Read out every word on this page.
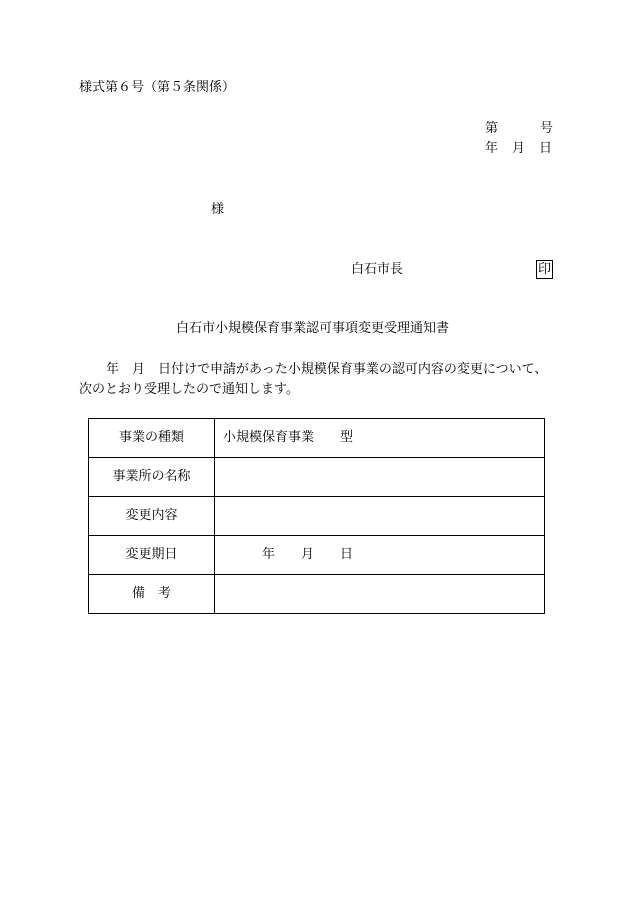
様式第６号（第５条関係）
第	号
年 月 日
様
白石市長	印
白石市小規模保育事業認可事項変更受理通知書
年 月 日付けで申請があった小規模保育事業の認可内容の変更について、
次のとおり受理したので通知します。
事業の種類	小規模保育事業 型
事業所の名称	
変更内容	
変更期日	年 月 日
備　考	
